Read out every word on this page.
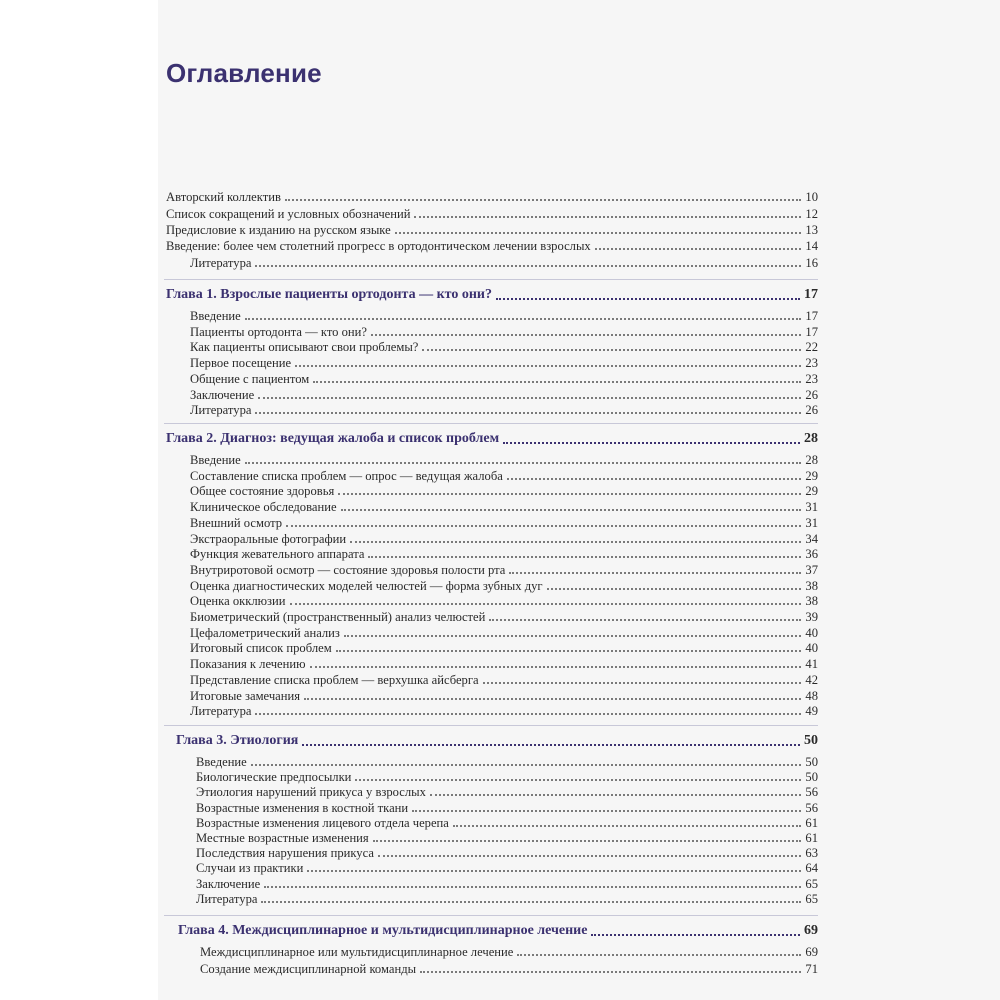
Оглавление
Авторский коллектив	10
Список сокращений и условных обозначений	12
Предисловие к изданию на русском языке	13
Введение: более чем столетний прогресс в ортодонтическом лечении взрослых	14
Литература	16
Глава 1. Взрослые пациенты ортодонта — кто они?	17
Введение	17
Пациенты ортодонта — кто они?	17
Как пациенты описывают свои проблемы?	22
Первое посещение	23
Общение с пациентом	23
Заключение	26
Литература	26
Глава 2. Диагноз: ведущая жалоба и список проблем	28
Введение	28
Составление списка проблем — опрос — ведущая жалоба	29
Общее состояние здоровья	29
Клиническое обследование	31
Внешний осмотр	31
Экстраоральные фотографии	34
Функция жевательного аппарата	36
Внутриротовой осмотр — состояние здоровья полости рта	37
Оценка диагностических моделей челюстей — форма зубных дуг	38
Оценка окклюзии	38
Биометрический (пространственный) анализ челюстей	39
Цефалометрический анализ	40
Итоговый список проблем	40
Показания к лечению	41
Представление списка проблем — верхушка айсберга	42
Итоговые замечания	48
Литература	49
Глава 3. Этиология	50
Введение	50
Биологические предпосылки	50
Этиология нарушений прикуса у взрослых	56
Возрастные изменения в костной ткани	56
Возрастные изменения лицевого отдела черепа	61
Местные возрастные изменения	61
Последствия нарушения прикуса	63
Случаи из практики	64
Заключение	65
Литература	65
Глава 4. Междисциплинарное и мультидисциплинарное лечение	69
Междисциплинарное или мультидисциплинарное лечение	69
Создание междисциплинарной команды	71
